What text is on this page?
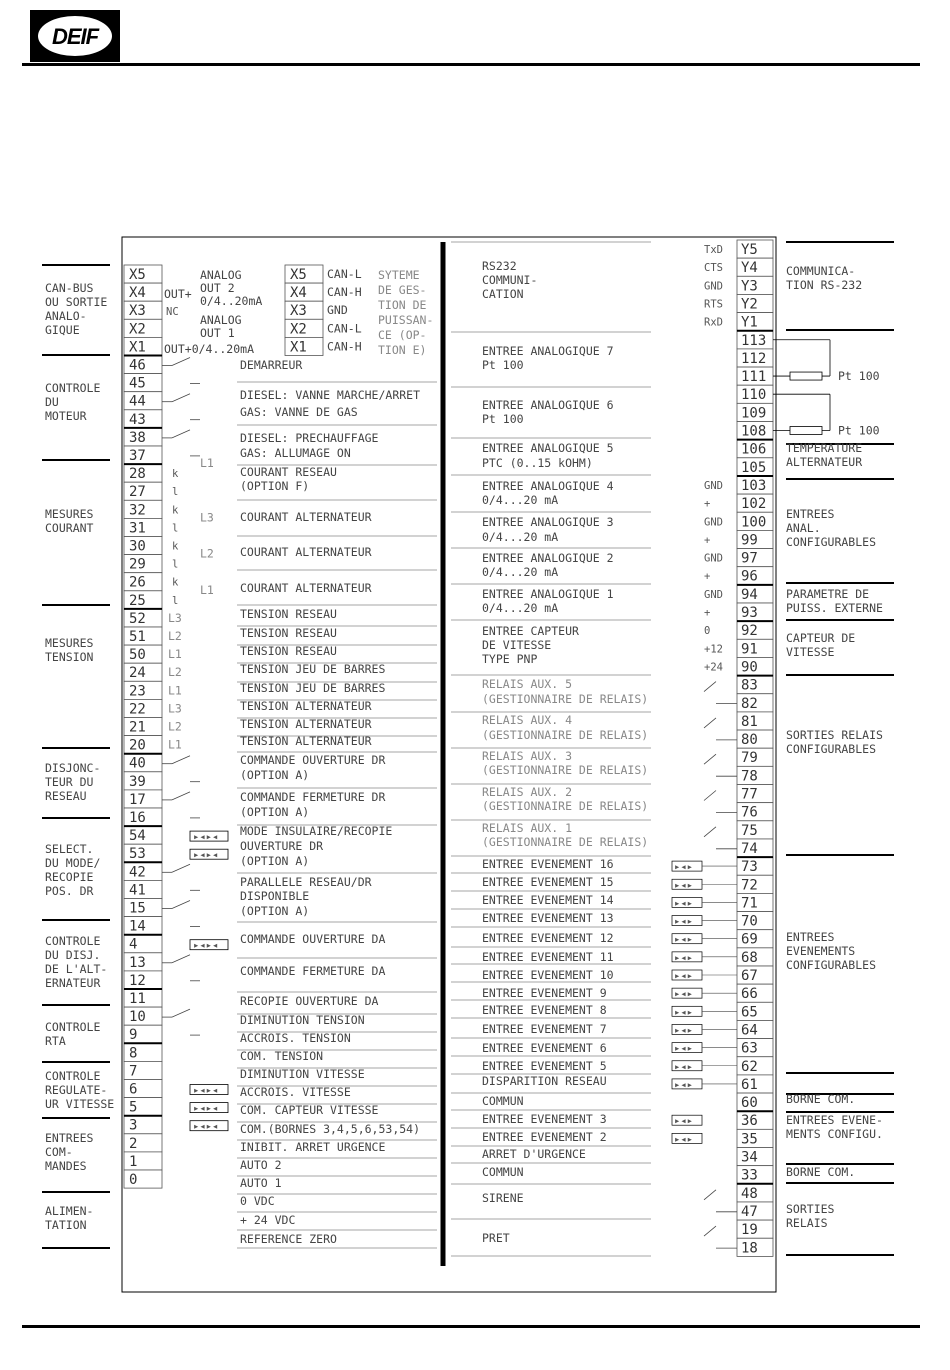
DEIF
X5
X4
X3
X2
X1
46
45
44
43
38
37
28
27
32
31
30
29
26
25
52
51
50
24
23
22
21
20
40
39
17
16
54
53
42
41
15
14
4
13
12
11
10
9
8
7
6
5
3
2
1
0
X5 CAN-L
X4 CAN-H
X3 GND
X2 CAN-L
X1 CAN-H
SYTEME
DE GES-
TION DE
PUISSAN-
CE (OP-
TION E)
ANALOG
OUT 2
0/4..20mA
ANALOG
OUT 1
OUT+0/4..20mA
OUT+
NC
L1
L3
L2
L1
L3
L2
L1
L2
L1
L3
L2
L1
k
l
k
l
k
l
k
l
▸◂▸◂
▸◂▸◂
▸◂▸◂
▸◂▸◂
▸◂▸◂
▸◂▸◂
DEMARREUR
DIESEL: VANNE MARCHE/ARRET
GAS: VANNE DE GAS
DIESEL: PRECHAUFFAGE
GAS: ALLUMAGE ON
COURANT RESEAU
(OPTION F)
COURANT ALTERNATEUR
COURANT ALTERNATEUR
COURANT ALTERNATEUR
TENSION RESEAU
TENSION RESEAU
TENSION RESEAU
TENSION JEU DE BARRES
TENSION JEU DE BARRES
TENSION ALTERNATEUR
TENSION ALTERNATEUR
TENSION ALTERNATEUR
COMMANDE OUVERTURE DR
(OPTION A)
COMMANDE FERMETURE DR
(OPTION A)
MODE INSULAIRE/RECOPIE
OUVERTURE DR
(OPTION A)
PARALLELE RESEAU/DR
DISPONIBLE
(OPTION A)
COMMANDE OUVERTURE DA
COMMANDE FERMETURE DA
RECOPIE OUVERTURE DA
DIMINUTION TENSION
ACCROIS. TENSION
COM. TENSION
DIMINUTION VITESSE
ACCROIS. VITESSE
COM. CAPTEUR VITESSE
COM.(BORNES 3,4,5,6,53,54)
INIBIT. ARRET URGENCE
AUTO 2
AUTO 1
0 VDC
+ 24 VDC
REFERENCE ZERO
Y5
Y4
Y3
Y2
Y1
113
112
111
110
109
108
106
105
103
102
100
99
97
96
94
93
92
91
90
83
82
81
80
79
78
77
76
75
74
73
72
71
70
69
68
67
66
65
64
63
62
61
60
36
35
34
33
48
47
19
18
TxD
CTS
GND
RTS
RxD
GND
+
GND
+
GND
+
GND
+
0
+12
+24
Pt 100
Pt 100
▸◂▸
▸◂▸
▸◂▸
▸◂▸
▸◂▸
▸◂▸
▸◂▸
▸◂▸
▸◂▸
▸◂▸
▸◂▸
▸◂▸
▸◂▸
▸◂▸
▸◂▸
RS232
COMMUNI-
CATION
ENTREE ANALOGIQUE 7
Pt 100
ENTREE ANALOGIQUE 6
Pt 100
ENTREE ANALOGIQUE 5
PTC (0..15 kOHM)
ENTREE ANALOGIQUE 4
0/4...20 mA
ENTREE ANALOGIQUE 3
0/4...20 mA
ENTREE ANALOGIQUE 2
0/4...20 mA
ENTREE ANALOGIQUE 1
0/4...20 mA
ENTREE CAPTEUR
DE VITESSE
TYPE PNP
RELAIS AUX. 5
(GESTIONNAIRE DE RELAIS)
RELAIS AUX. 4
(GESTIONNAIRE DE RELAIS)
RELAIS AUX. 3
(GESTIONNAIRE DE RELAIS)
RELAIS AUX. 2
(GESTIONNAIRE DE RELAIS)
RELAIS AUX. 1
(GESTIONNAIRE DE RELAIS)
ENTREE EVENEMENT 16
ENTREE EVENEMENT 15
ENTREE EVENEMENT 14
ENTREE EVENEMENT 13
ENTREE EVENEMENT 12
ENTREE EVENEMENT 11
ENTREE EVENEMENT 10
ENTREE EVENEMENT 9
ENTREE EVENEMENT 8
ENTREE EVENEMENT 7
ENTREE EVENEMENT 6
ENTREE EVENEMENT 5
DISPARITION RESEAU
COMMUN
ENTREE EVENEMENT 3
ENTREE EVENEMENT 2
ARRET D'URGENCE
COMMUN
SIRENE
PRET
CAN-BUS
OU SORTIE
ANALO-
GIQUE
CONTROLE
DU
MOTEUR
MESURES
COURANT
MESURES
TENSION
DISJONC-
TEUR DU
RESEAU
SELECT.
DU MODE/
RECOPIE
POS. DR
CONTROLE
DU DISJ.
DE L'ALT-
ERNATEUR
CONTROLE
RTA
CONTROLE
REGULATE-
UR VITESSE
ENTREES
COM-
MANDES
ALIMEN-
TATION
COMMUNICA-
TION RS-232
TEMPERATURE
ALTERNATEUR
ENTREES
ANAL.
CONFIGURABLES
PARAMETRE DE
PUISS. EXTERNE
CAPTEUR DE
VITESSE
SORTIES RELAIS
CONFIGURABLES
ENTREES
EVENEMENTS
CONFIGURABLES
BORNE COM.
ENTREES EVENE-
MENTS CONFIGU.
BORNE COM.
SORTIES
RELAIS
